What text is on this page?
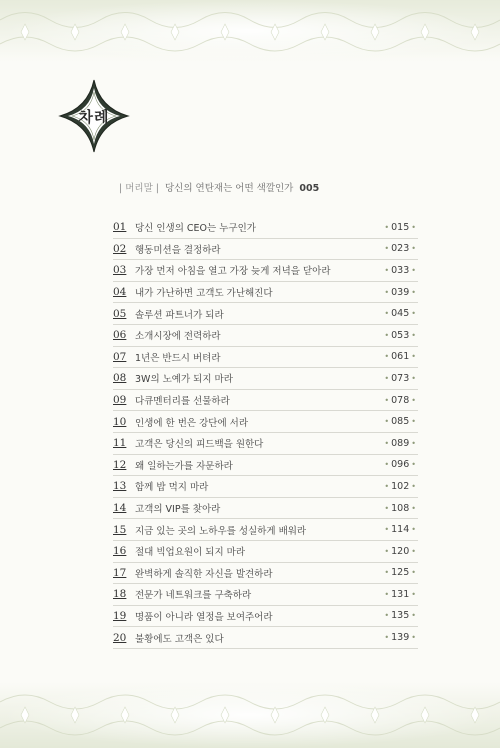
차례
| 머리말 | 당신의 연탄재는 어떤 색깔인가 005
01 당신 인생의 CEO는 누구인가	• 015 •
02 행동미션을 결정하라	• 023 •
03 가장 먼저 아침을 열고 가장 늦게 저녁을 닫아라	• 033 •
04 내가 가난하면 고객도 가난해진다	• 039 •
05 솔루션 파트너가 되라	• 045 •
06 소개시장에 전력하라	• 053 •
07 1년은 반드시 버텨라	• 061 •
08 3W의 노예가 되지 마라	• 073 •
09 다큐멘터리를 선물하라	• 078 •
10 인생에 한 번은 강단에 서라	• 085 •
11 고객은 당신의 피드백을 원한다	• 089 •
12 왜 일하는가를 자문하라	• 096 •
13 함께 밥 먹지 마라	• 102 •
14 고객의 VIP를 찾아라	• 108 •
15 지금 있는 곳의 노하우를 성실하게 배워라	• 114 •
16 절대 빅업요원이 되지 마라	• 120 •
17 완벽하게 솔직한 자신을 발견하라	• 125 •
18 전문가 네트워크를 구축하라	• 131 •
19 명품이 아니라 열정을 보여주어라	• 135 •
20 불황에도 고객은 있다	• 139 •
